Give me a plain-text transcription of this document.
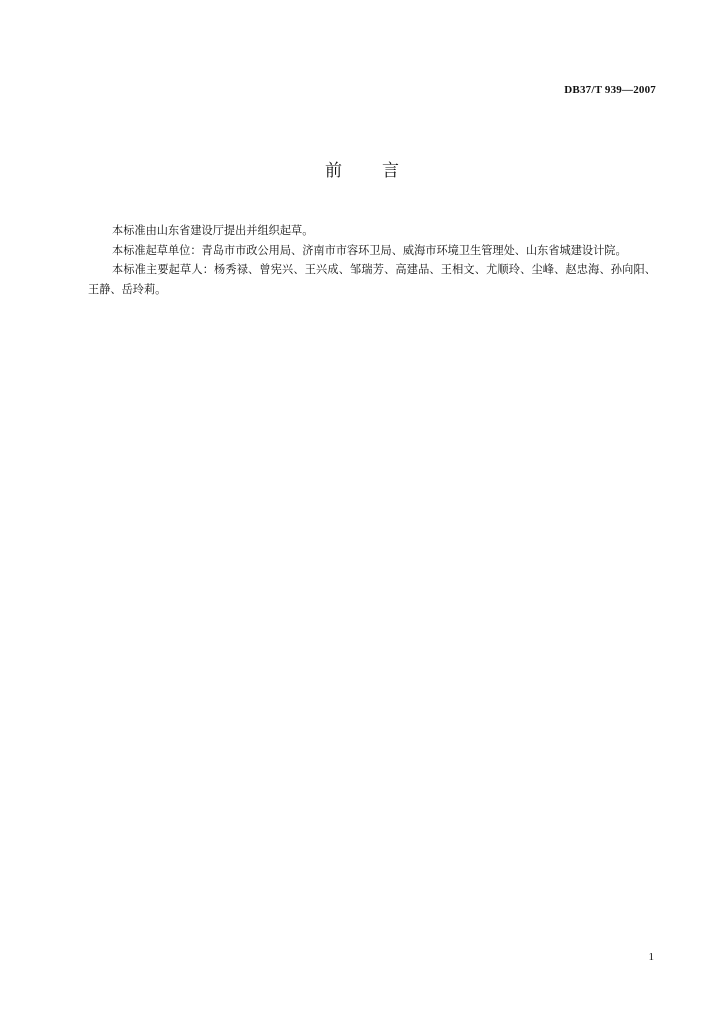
DB37/T 939—2007
前 言

本标准由山东省建设厅提出并组织起草。

本标准起草单位：青岛市市政公用局、济南市市容环卫局、威海市环境卫生管理处、山东省城建设计院。

本标准主要起草人：杨秀禄、曾宪兴、王兴成、邹瑞芳、高建品、王相文、尤顺玲、尘峰、赵忠海、孙向阳、王静、岳玲莉。

1
